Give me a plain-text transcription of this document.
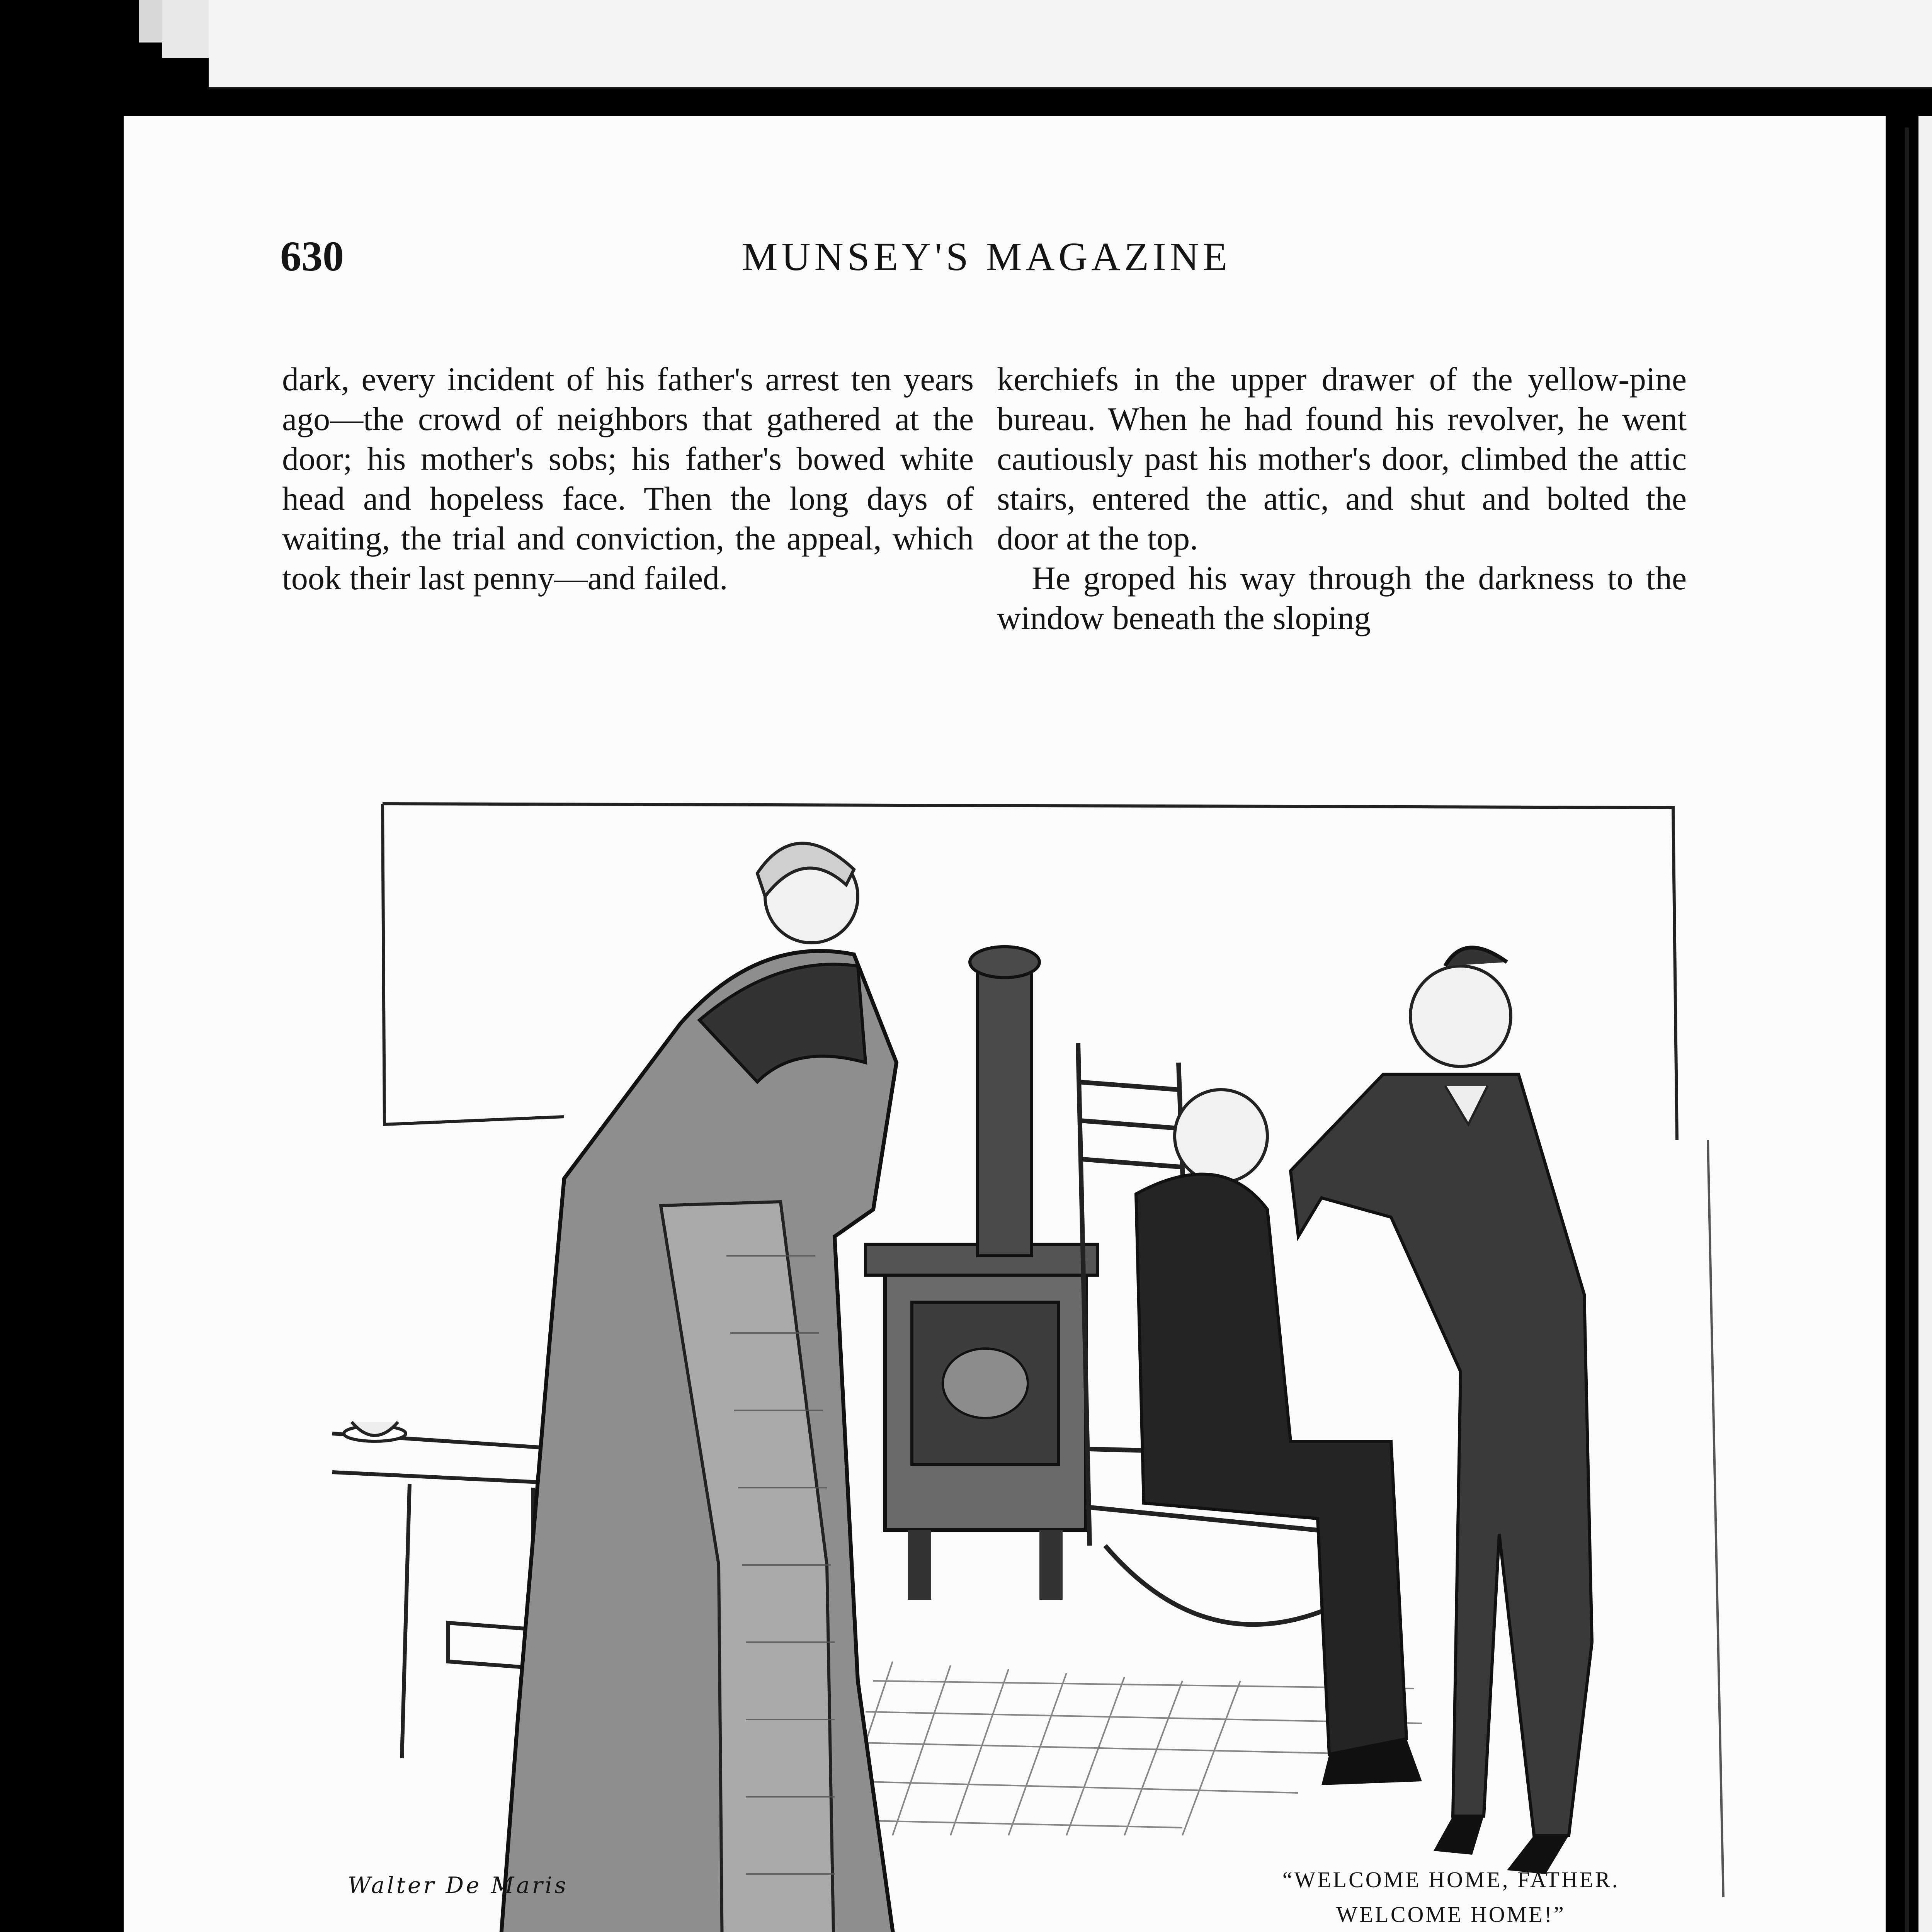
630	MUNSEY'S MAGAZINE

dark, every incident of his father's arrest ten years ago—the crowd of neighbors that gathered at the door; his mother's sobs; his father's bowed white head and hopeless face. Then the long days of waiting, the trial and conviction, the appeal, which took their last penny—and failed.

kerchiefs in the upper drawer of the yellow-pine bureau. When he had found his revolver, he went cautiously past his mother's door, climbed the attic stairs, entered the attic, and shut and bolted the door at the top.

He groped his way through the darkness to the window beneath the sloping

Walter De Maris	“WELCOME HOME, FATHER.
WELCOME HOME!”
